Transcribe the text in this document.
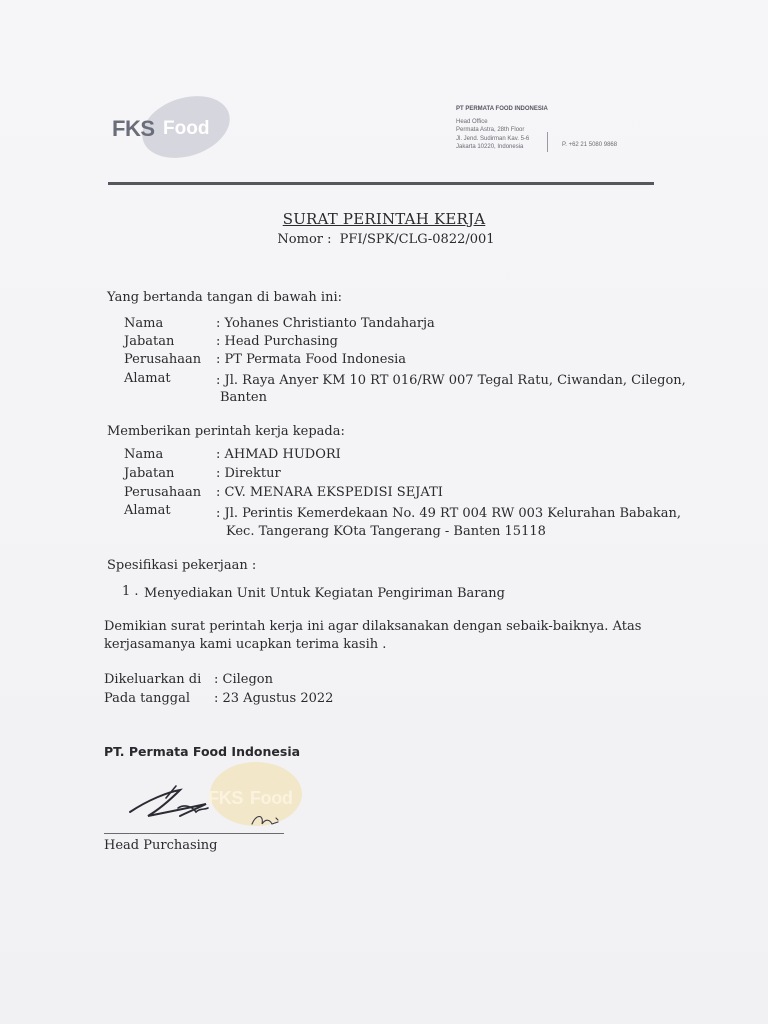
FKS Food
PT PERMATA FOOD INDONESIA
Head Office
Permata Astra, 28th Floor
Jl. Jend. Sudirman Kav. 5-6
Jakarta 10220, Indonesia	P. +62 21 5080 9868
SURAT PERINTAH KERJA
Nomor : PFI/SPK/CLG-0822/001
Yang bertanda tangan di bawah ini:
Nama	: Yohanes Christianto Tandaharja
Jabatan	: Head Purchasing
Perusahaan : PT Permata Food Indonesia
Alamat	: Jl. Raya Anyer KM 10 RT 016/RW 007 Tegal Ratu, Ciwandan, Cilegon,
Banten
Memberikan perintah kerja kepada:
Nama	: AHMAD HUDORI
Jabatan	: Direktur
Perusahaan : CV. MENARA EKSPEDISI SEJATI
Alamat	: Jl. Perintis Kemerdekaan No. 49 RT 004 RW 003 Kelurahan Babakan,
Kec. Tangerang KOta Tangerang - Banten 15118
Spesifikasi pekerjaan :
1 . Menyediakan Unit Untuk Kegiatan Pengiriman Barang
Demikian surat perintah kerja ini agar dilaksanakan dengan sebaik-baiknya. Atas
kerjasamanya kami ucapkan terima kasih .
Dikeluarkan di : Cilegon
Pada tanggal : 23 Agustus 2022
PT. Permata Food Indonesia
FKS Food
Head Purchasing
